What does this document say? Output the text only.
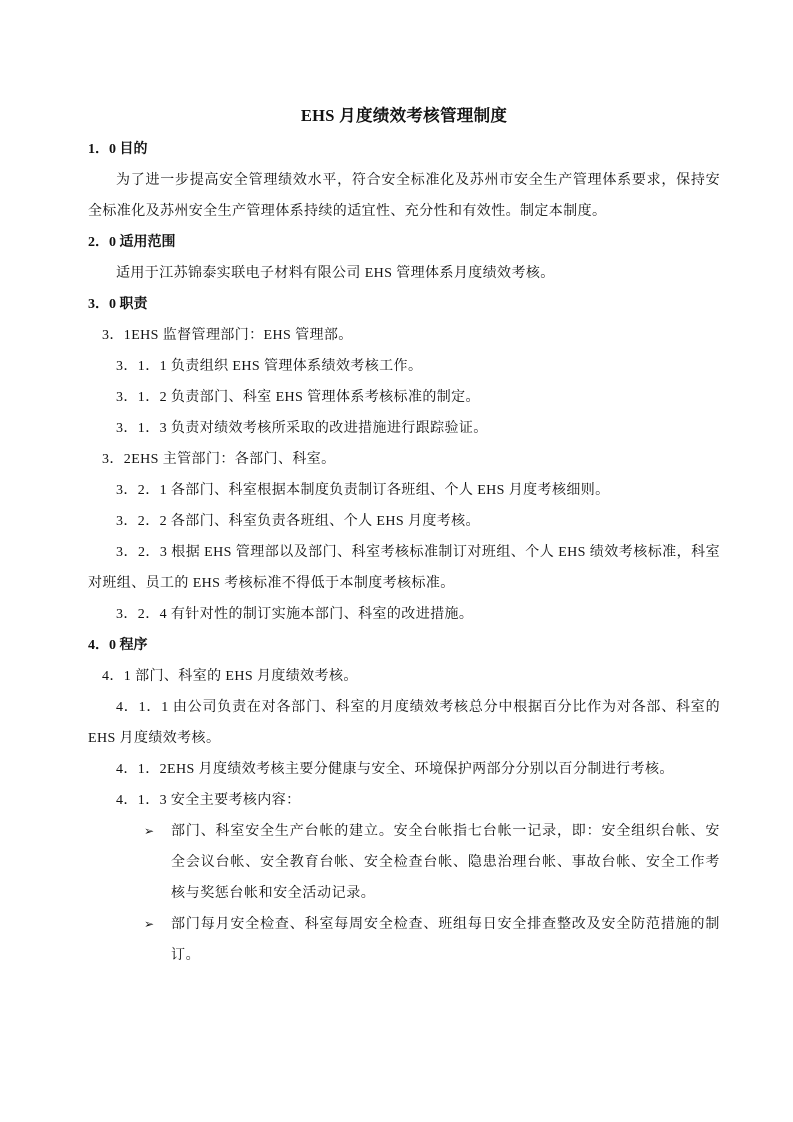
EHS 月度绩效考核管理制度

1．0 目的

为了进一步提高安全管理绩效水平，符合安全标准化及苏州市安全生产管理体系要求，保持安全标准化及苏州安全生产管理体系持续的适宜性、充分性和有效性。制定本制度。

2．0 适用范围

适用于江苏锦泰实联电子材料有限公司 EHS 管理体系月度绩效考核。

3．0 职责

3．1EHS 监督管理部门：EHS 管理部。

3．1．1 负责组织 EHS 管理体系绩效考核工作。

3．1．2 负责部门、科室 EHS 管理体系考核标准的制定。

3．1．3 负责对绩效考核所采取的改进措施进行跟踪验证。

3．2EHS 主管部门：各部门、科室。

3．2．1 各部门、科室根据本制度负责制订各班组、个人 EHS 月度考核细则。

3．2．2 各部门、科室负责各班组、个人 EHS 月度考核。

3．2．3 根据 EHS 管理部以及部门、科室考核标准制订对班组、个人 EHS 绩效考核标准，科室对班组、员工的 EHS 考核标准不得低于本制度考核标准。

3．2．4 有针对性的制订实施本部门、科室的改进措施。

4．0 程序

4．1 部门、科室的 EHS 月度绩效考核。

4．1．1 由公司负责在对各部门、科室的月度绩效考核总分中根据百分比作为对各部、科室的 EHS 月度绩效考核。

4．1．2EHS 月度绩效考核主要分健康与安全、环境保护两部分分别以百分制进行考核。

4．1．3 安全主要考核内容：

➢ 部门、科室安全生产台帐的建立。安全台帐指七台帐一记录，即：安全组织台帐、安全会议台帐、安全教育台帐、安全检查台帐、隐患治理台帐、事故台帐、安全工作考核与奖惩台帐和安全活动记录。
➢ 部门每月安全检查、科室每周安全检查、班组每日安全排查整改及安全防范措施的制订。
